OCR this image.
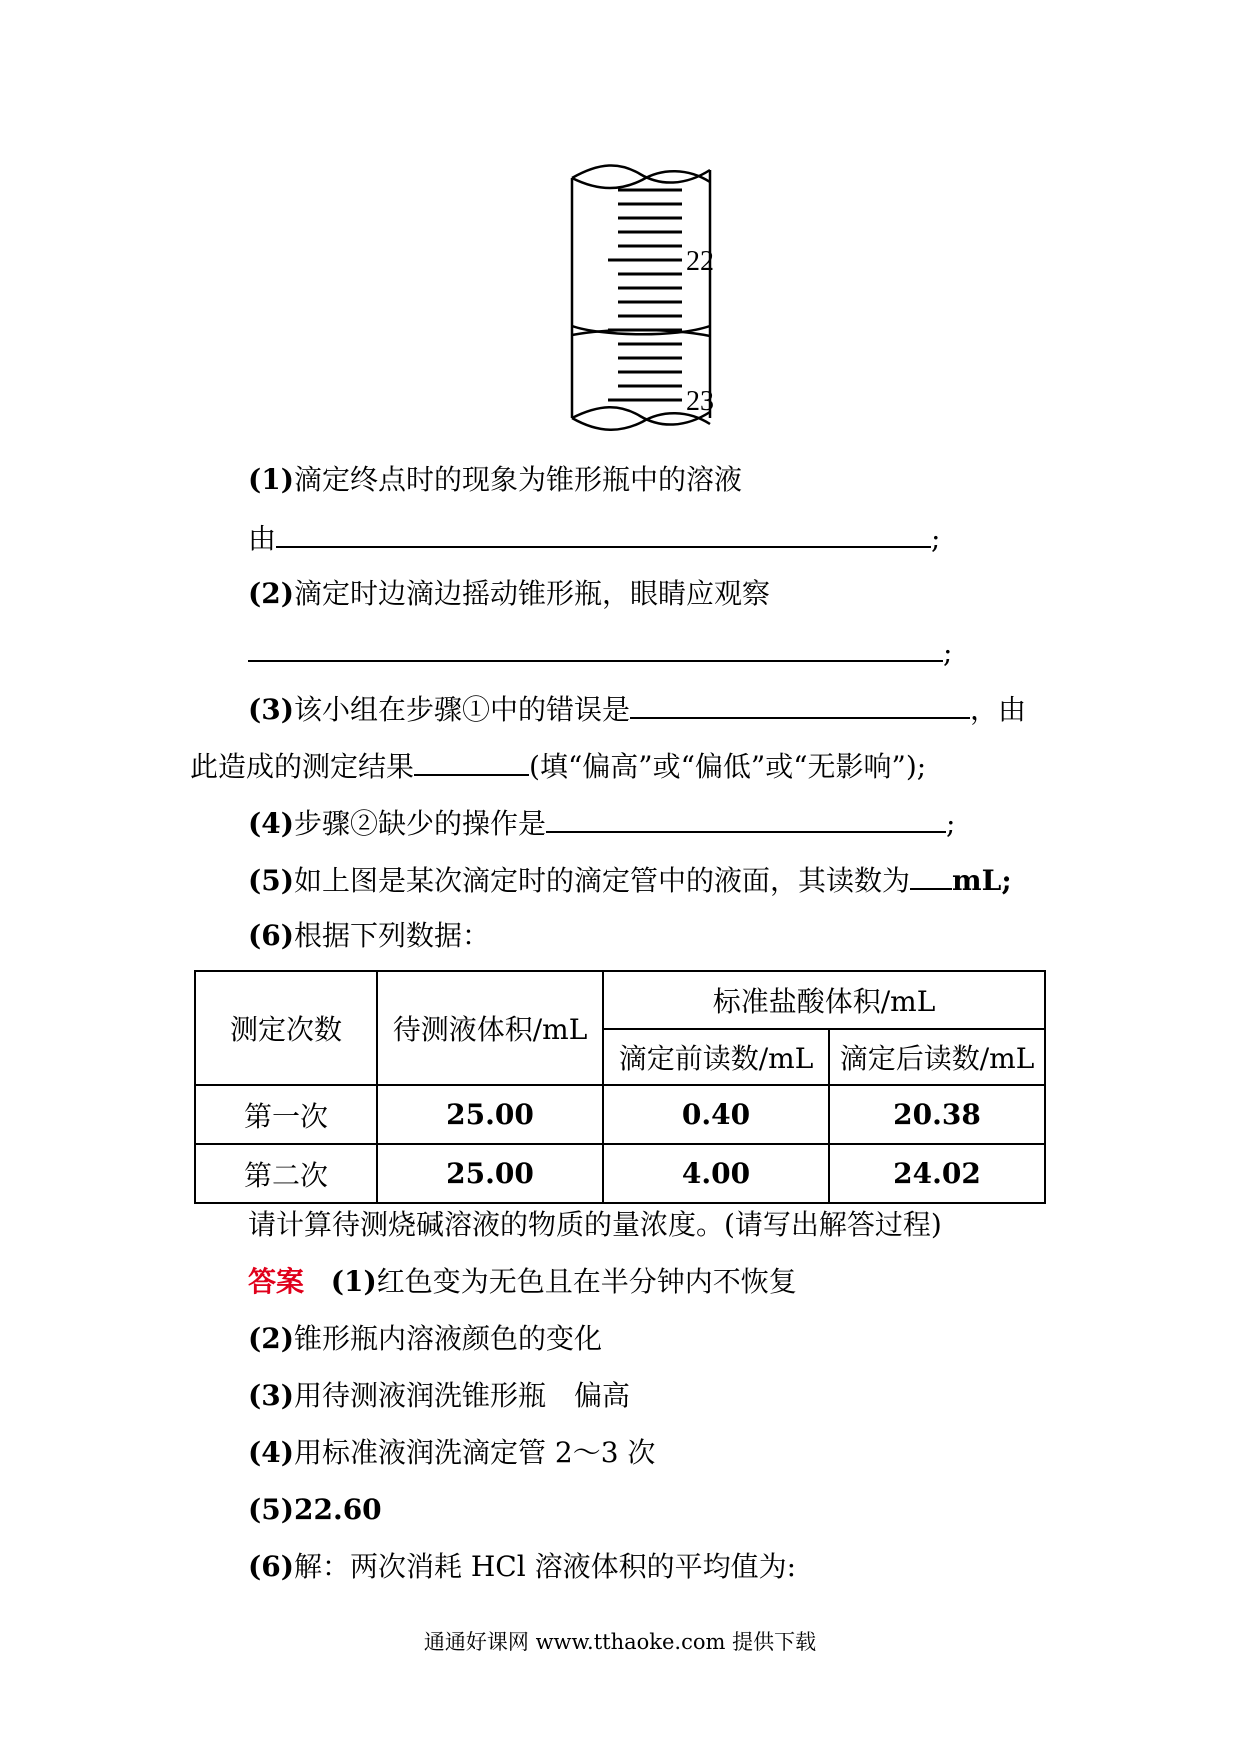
22
23
(1)滴定终点时的现象为锥形瓶中的溶液
由	;
(2)滴定时边滴边摇动锥形瓶，眼睛应观察
;
(3)该小组在步骤①中的错误是	，由
此造成的测定结果	(填“偏高”或“偏低”或“无影响”);
(4)步骤②缺少的操作是	;
(5)如上图是某次滴定时的滴定管中的液面，其读数为 mL;
(6)根据下列数据：
测定次数	待测液体积/mL	标准盐酸体积/mL	
		滴定前读数/mL	滴定后读数/mL
第一次	25.00	0.40	20.38
第二次	25.00	4.00	24.02
请计算待测烧碱溶液的物质的量浓度。(请写出解答过程)
答案 (1)红色变为无色且在半分钟内不恢复
(2)锥形瓶内溶液颜色的变化
(3)用待测液润洗锥形瓶　偏高
(4)用标准液润洗滴定管 2～3 次
(5)22.60
(6)解：两次消耗 HCl 溶液体积的平均值为:
通通好课网 www.tthaoke.com 提供下载
